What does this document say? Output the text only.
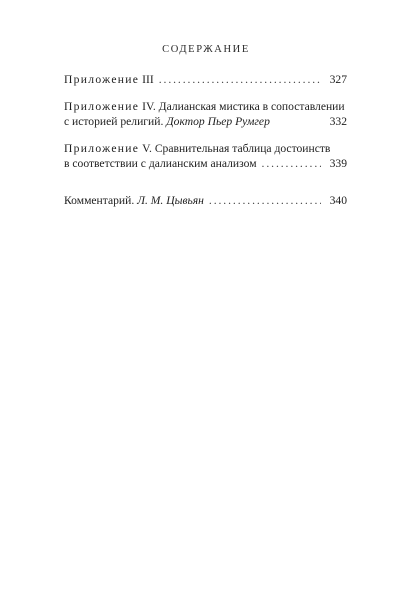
СОДЕРЖАНИЕ
Приложение
III . . .	327
Приложение
IV. Далианская мистика в сопоставлении
с историей религий.
Доктор Пьер Румгер	332
Приложение
V. Сравнительная таблица достоинств
в соответствии с далианским анализом . . .	339
Комментарий.
Л. М. Цывьян . . .	340
